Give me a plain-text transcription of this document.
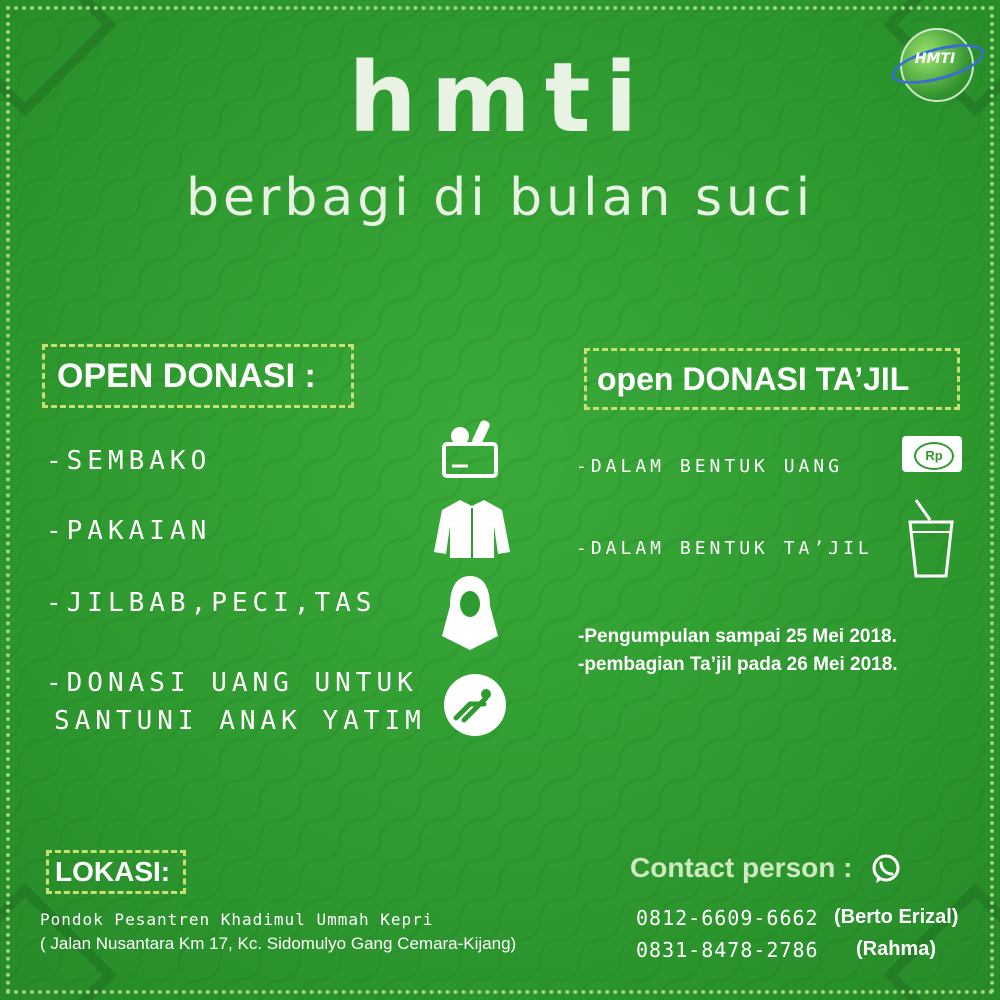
HMTI
hmti
berbagi di bulan suci
OPEN DONASI :
-SEMBAKO
-PAKAIAN
-JILBAB,PECI,TAS
-DONASI UANG UNTUK
SANTUNI ANAK YATIM
open DONASI TA’JIL
-DALAM BENTUK UANG
-DALAM BENTUK TA’JIL
Rp
-Pengumpulan sampai 25 Mei 2018.
-pembagian Ta’jil pada 26 Mei 2018.
LOKASI:
Pondok Pesantren Khadimul Ummah Kepri
( Jalan Nusantara Km 17, Kc. Sidomulyo Gang Cemara-Kijang)
Contact person :
0812-6609-6662 (Berto Erizal)
0831-8478-2786 (Rahma)
